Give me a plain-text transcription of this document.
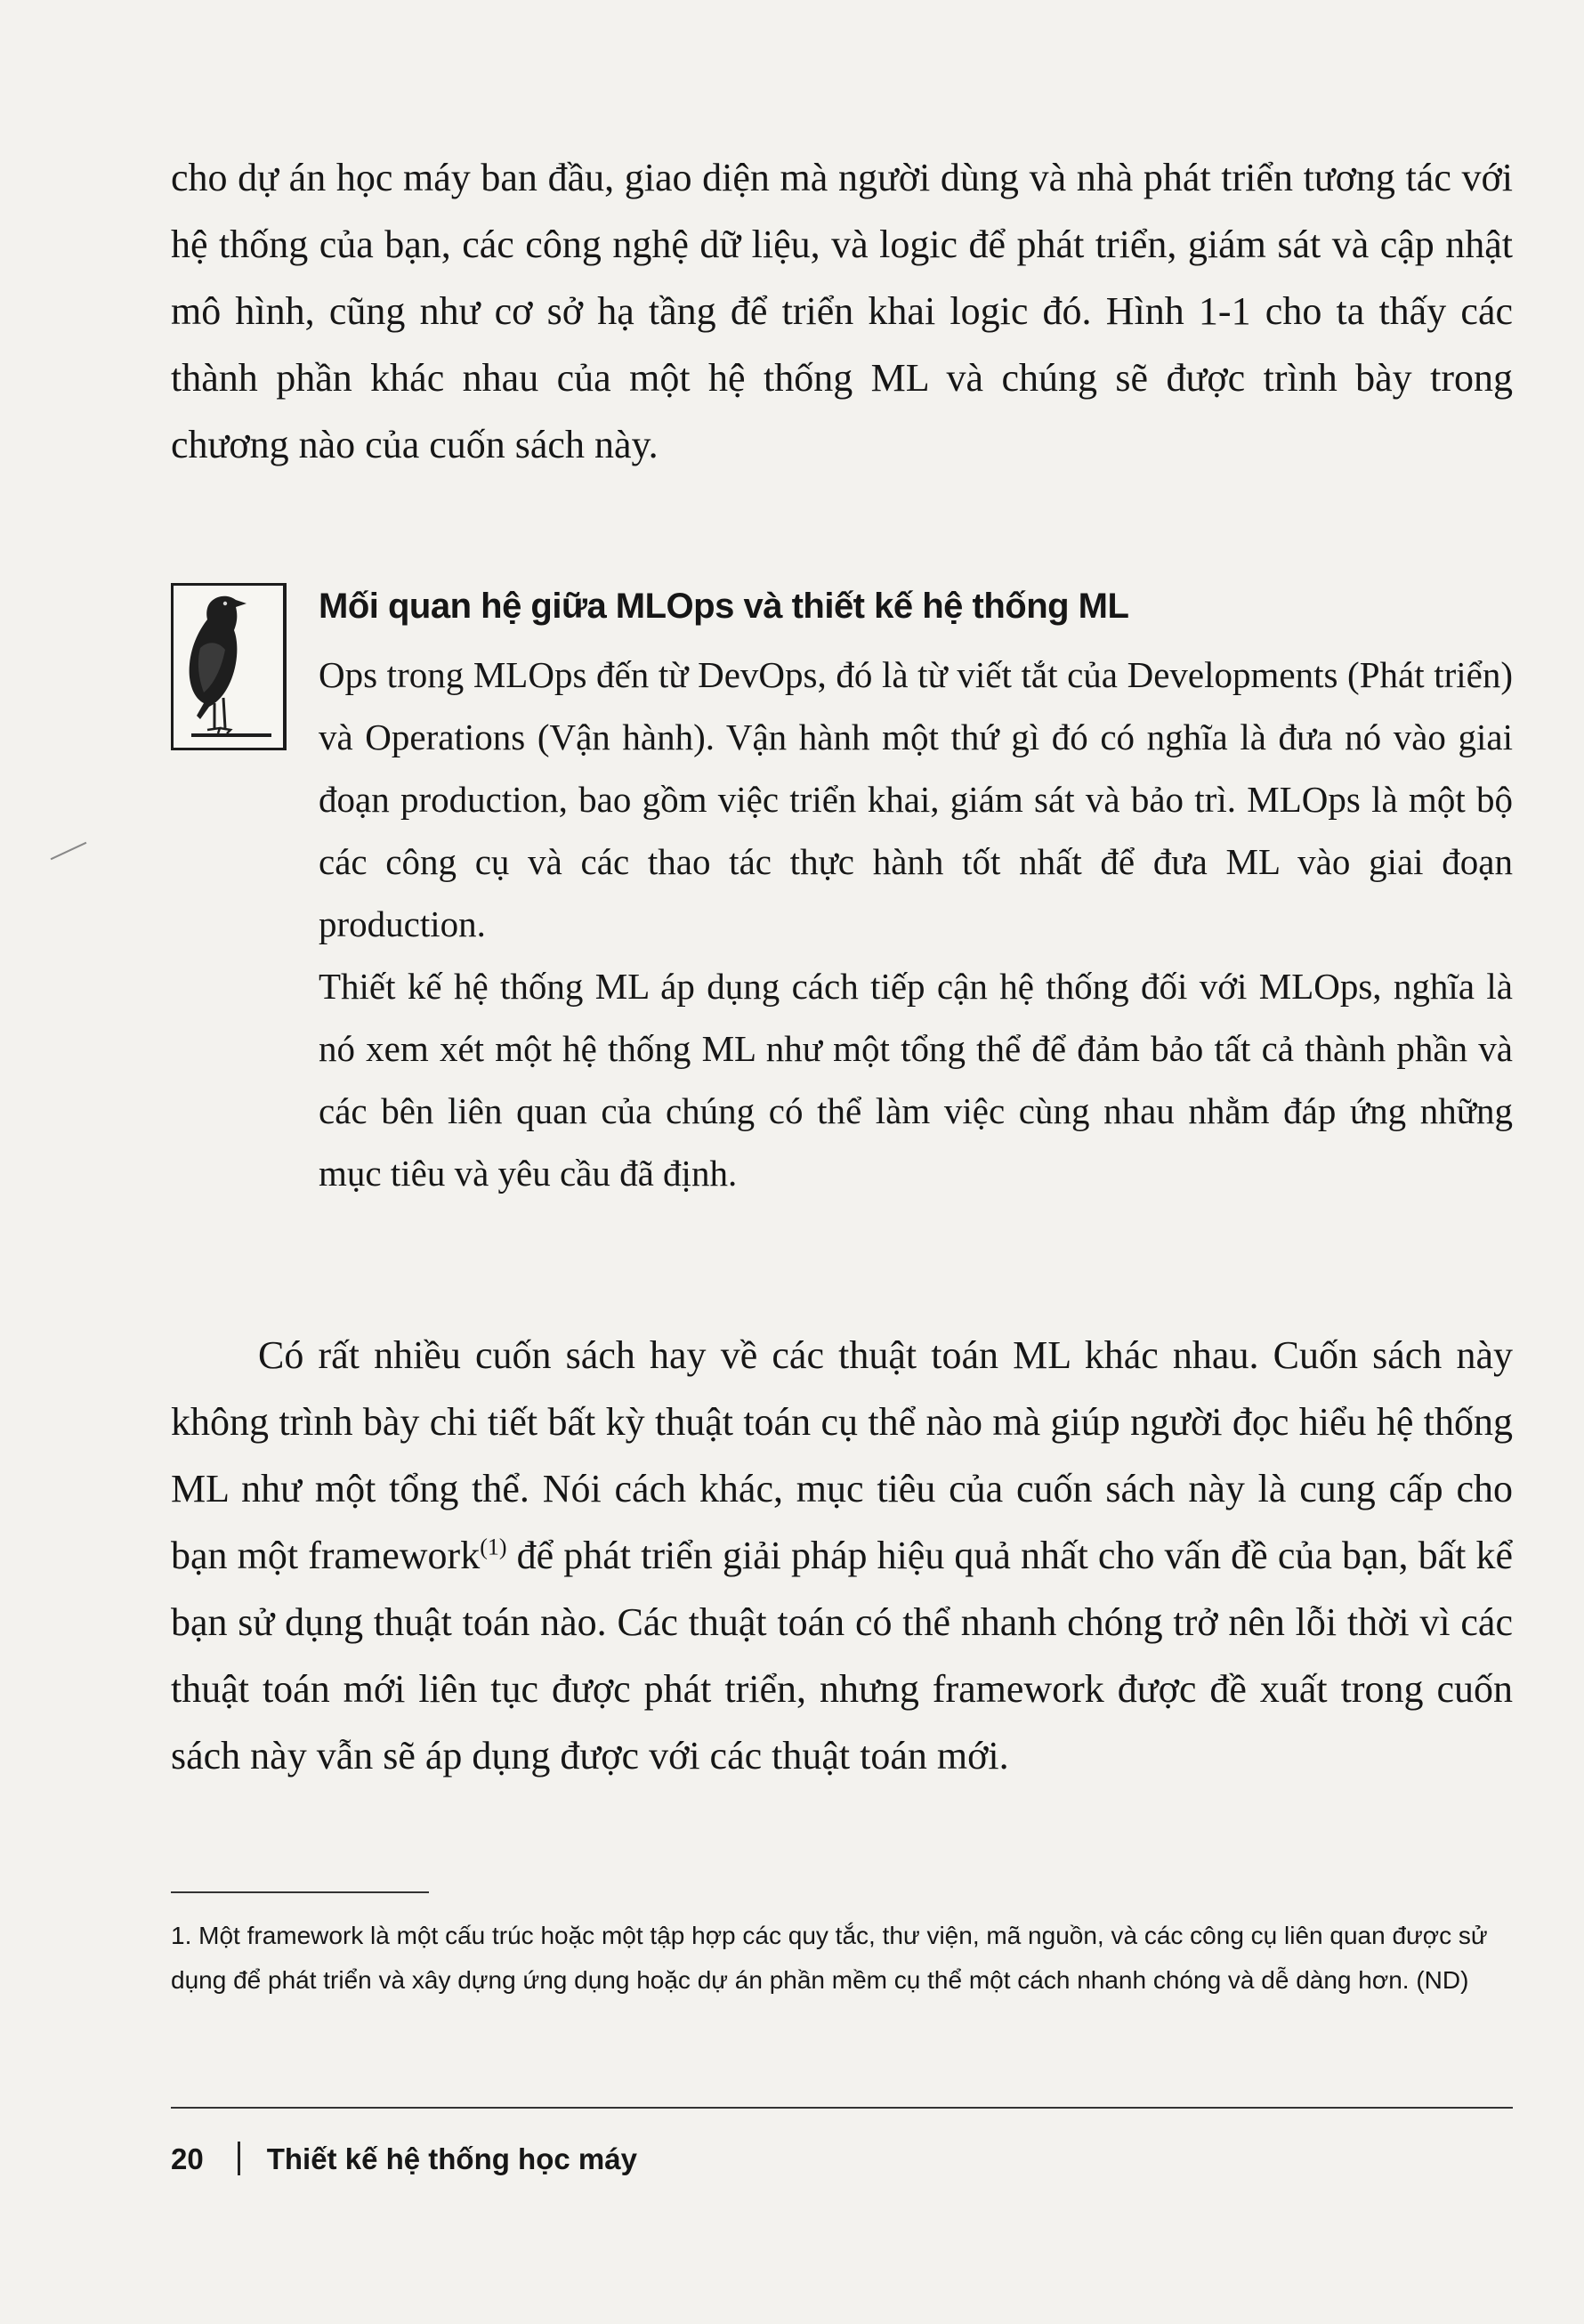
cho dự án học máy ban đầu, giao diện mà người dùng và nhà phát triển tương tác với hệ thống của bạn, các công nghệ dữ liệu, và logic để phát triển, giám sát và cập nhật mô hình, cũng như cơ sở hạ tầng để triển khai logic đó. Hình 1-1 cho ta thấy các thành phần khác nhau của một hệ thống ML và chúng sẽ được trình bày trong chương nào của cuốn sách này.

Mối quan hệ giữa MLOps và thiết kế hệ thống ML

Ops trong MLOps đến từ DevOps, đó là từ viết tắt của Developments (Phát triển) và Operations (Vận hành). Vận hành một thứ gì đó có nghĩa là đưa nó vào giai đoạn production, bao gồm việc triển khai, giám sát và bảo trì. MLOps là một bộ các công cụ và các thao tác thực hành tốt nhất để đưa ML vào giai đoạn production.

Thiết kế hệ thống ML áp dụng cách tiếp cận hệ thống đối với MLOps, nghĩa là nó xem xét một hệ thống ML như một tổng thể để đảm bảo tất cả thành phần và các bên liên quan của chúng có thể làm việc cùng nhau nhằm đáp ứng những mục tiêu và yêu cầu đã định.

Có rất nhiều cuốn sách hay về các thuật toán ML khác nhau. Cuốn sách này không trình bày chi tiết bất kỳ thuật toán cụ thể nào mà giúp người đọc hiểu hệ thống ML như một tổng thể. Nói cách khác, mục tiêu của cuốn sách này là cung cấp cho bạn một framework$^{(1)}$ để phát triển giải pháp hiệu quả nhất cho vấn đề của bạn, bất kể bạn sử dụng thuật toán nào. Các thuật toán có thể nhanh chóng trở nên lỗi thời vì các thuật toán mới liên tục được phát triển, nhưng framework được đề xuất trong cuốn sách này vẫn sẽ áp dụng được với các thuật toán mới.

1. Một framework là một cấu trúc hoặc một tập hợp các quy tắc, thư viện, mã nguồn, và các công cụ liên quan được sử dụng để phát triển và xây dựng ứng dụng hoặc dự án phần mềm cụ thể một cách nhanh chóng và dễ dàng hơn. (ND)

20 Thiết kế hệ thống học máy
